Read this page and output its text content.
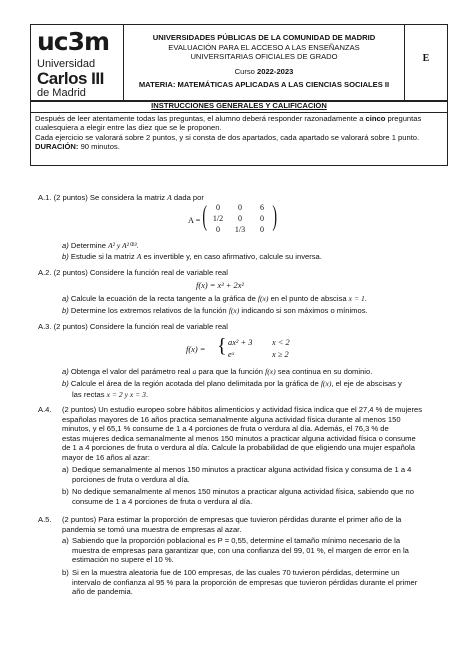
uc3m
Universidad
Carlos III
de Madrid
UNIVERSIDADES PÚBLICAS DE LA COMUNIDAD DE MADRID
EVALUACIÓN PARA EL ACCESO A LAS ENSEÑANZAS
UNIVERSITARIAS OFICIALES DE GRADO
Curso 2022-2023
MATERIA: MATEMÁTICAS APLICADAS A LAS CIENCIAS SOCIALES II
E
INSTRUCCIONES GENERALES Y CALIFICACIÓN
Después de leer atentamente todas las preguntas, el alumno deberá responder razonadamente a cinco preguntas
cualesquiera a elegir entre las diez que se le proponen.
Cada ejercicio se valorará sobre 2 puntos, y si consta de dos apartados, cada apartado se valorará sobre 1 punto.
DURACIÓN: 90 minutos.
A.1. (2 puntos) Se considera la matriz A dada por
A = ( )
0	0	6
1/2	0	0
0	1/3	0
a) Determine A² y A²⁰²³.
b) Estudie si la matriz A es invertible y, en caso afirmativo, calcule su inversa.
A.2. (2 puntos) Considere la función real de variable real
f(x) = x³ + 2x²
a) Calcule la ecuación de la recta tangente a la gráfica de f(x) en el punto de abscisa x = 1.
b) Determine los extremos relativos de la función f(x) indicando si son máximos o mínimos.
A.3. (2 puntos) Considere la función real de variable real
f(x) = { ax² + 3 x < 2
eˣ	x ≥ 2
a) Obtenga el valor del parámetro real a para que la función f(x) sea continua en su dominio.
b) Calcule el área de la región acotada del plano delimitada por la gráfica de f(x), el eje de abscisas y
las rectas x = 2 y x = 3.
A.4. (2 puntos) Un estudio europeo sobre hábitos alimenticios y actividad física indica que el 27,4 % de mujeres
españolas mayores de 16 años practica semanalmente alguna actividad física durante al menos 150
minutos, y el 65,1 % consume de 1 a 4 porciones de fruta o verdura al día. Además, el 76,3 % de
estas mujeres dedica semanalmente al menos 150 minutos a practicar alguna actividad física o consume
de 1 a 4 porciones de fruta o verdura al día. Calcule la probabilidad de que eligiendo una mujer española
mayor de 16 años al azar:
a) Dedique semanalmente al menos 150 minutos a practicar alguna actividad física y consuma de 1 a 4
porciones de fruta o verdura al día.
b) No dedique semanalmente al menos 150 minutos a practicar alguna actividad física, sabiendo que no
consume de 1 a 4 porciones de fruta o verdura al día.
A.5. (2 puntos) Para estimar la proporción de empresas que tuvieron pérdidas durante el primer año de la
pandemia se tomó una muestra de empresas al azar.
a) Sabiendo que la proporción poblacional es P = 0,55, determine el tamaño mínimo necesario de la
muestra de empresas para garantizar que, con una confianza del 99, 01 %, el margen de error en la
estimación no supere el 10 %.
b) Si en la muestra aleatoria fue de 100 empresas, de las cuales 70 tuvieron pérdidas, determine un
intervalo de confianza al 95 % para la proporción de empresas que tuvieron pérdidas durante el primer
año de pandemia.
